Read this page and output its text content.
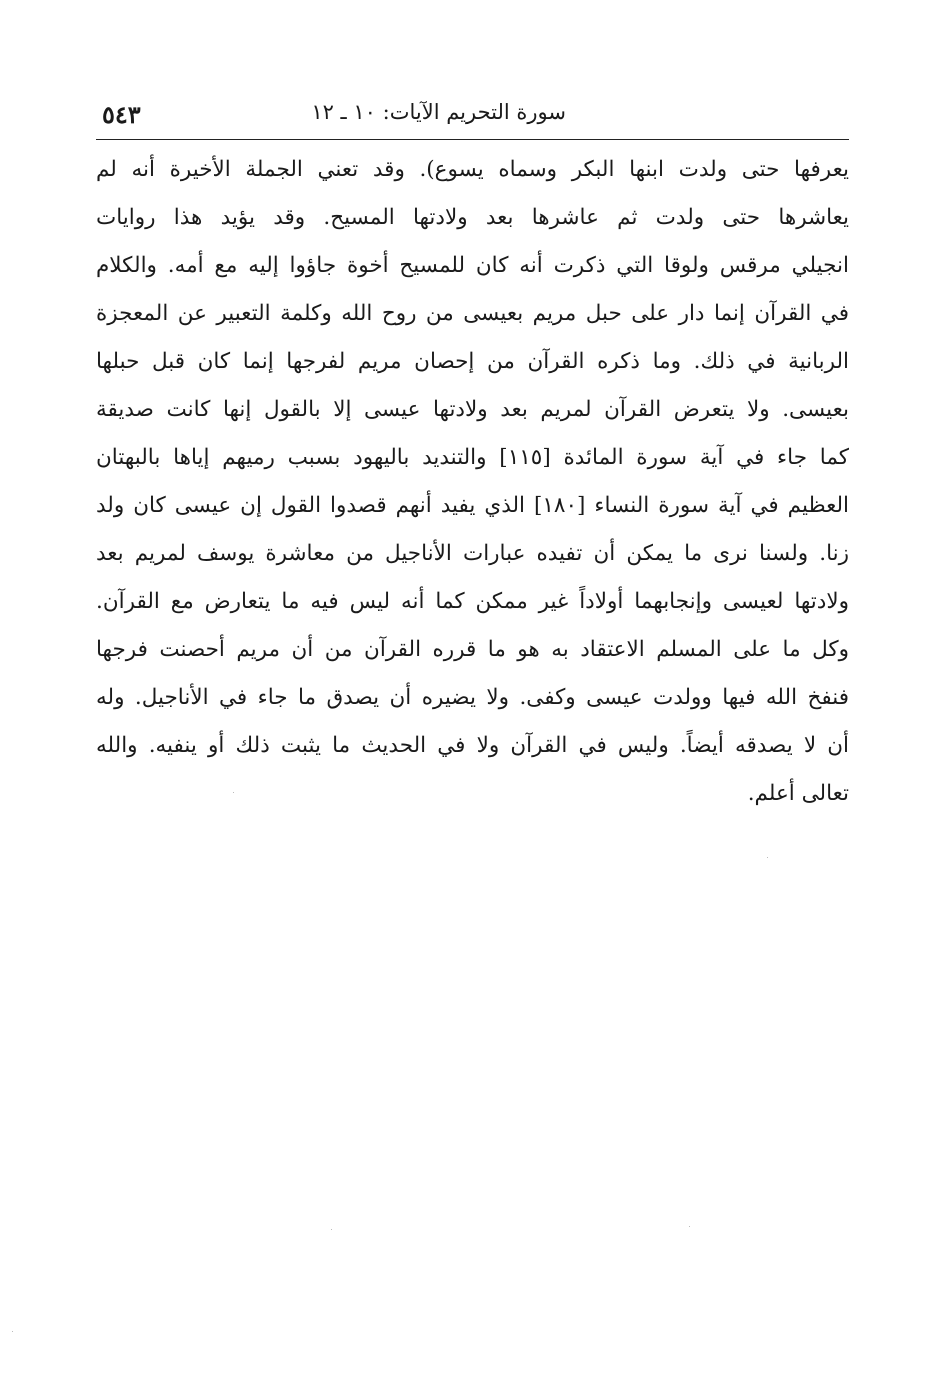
سورة التحريم الآيات: ١٠ ـ ١٢
٥٤٣
يعرفها حتى ولدت ابنها البكر وسماه يسوع). وقد تعني الجملة الأخيرة أنه لم
يعاشرها حتى ولدت ثم عاشرها بعد ولادتها المسيح. وقد يؤيد هذا روايات
انجيلي مرقس ولوقا التي ذكرت أنه كان للمسيح أخوة جاؤوا إليه مع أمه. والكلام
في القرآن إنما دار على حبل مريم بعيسى من روح الله وكلمة التعبير عن المعجزة
الربانية في ذلك. وما ذكره القرآن من إحصان مريم لفرجها إنما كان قبل حبلها
بعيسى. ولا يتعرض القرآن لمريم بعد ولادتها عيسى إلا بالقول إنها كانت صديقة
كما جاء في آية سورة المائدة [١١٥] والتنديد باليهود بسبب رميهم إياها بالبهتان
العظيم في آية سورة النساء [١٨٠] الذي يفيد أنهم قصدوا القول إن عيسى كان ولد
زنا. ولسنا نرى ما يمكن أن تفيده عبارات الأناجيل من معاشرة يوسف لمريم بعد
ولادتها لعيسى وإنجابهما أولاداً غير ممكن كما أنه ليس فيه ما يتعارض مع القرآن.
وكل ما على المسلم الاعتقاد به هو ما قرره القرآن من أن مريم أحصنت فرجها
فنفخ الله فيها وولدت عيسى وكفى. ولا يضيره أن يصدق ما جاء في الأناجيل. وله
أن لا يصدقه أيضاً. وليس في القرآن ولا في الحديث ما يثبت ذلك أو ينفيه. والله
تعالى أعلم.
